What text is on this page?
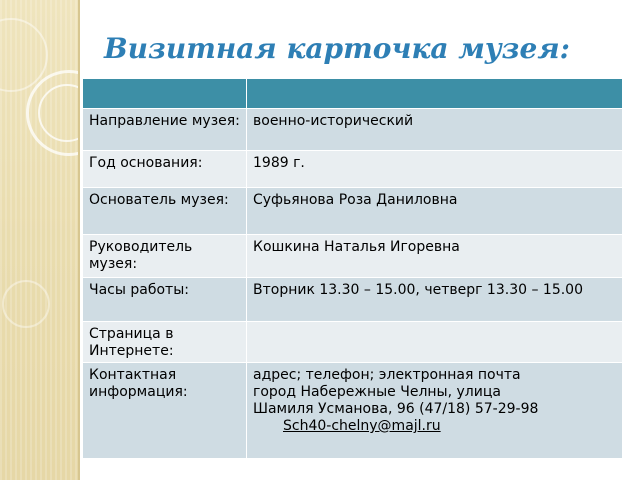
Визитная карточка музея:

Направление музея:	военно-исторический
Год основания:	1989 г.
Основатель музея:	Суфьянова Роза Даниловна
Руководитель музея:	Кошкина Наталья Игоревна
Часы работы:	Вторник 13.30 – 15.00, четверг 13.30 – 15.00
Страница в Интернете:	
Контактная информация:	адрес; телефон; электронная почта
город Набережные Челны, улица
Шамиля Усманова, 96 (47/18) 57-29-98
Sch40-chelny@majl.ru
